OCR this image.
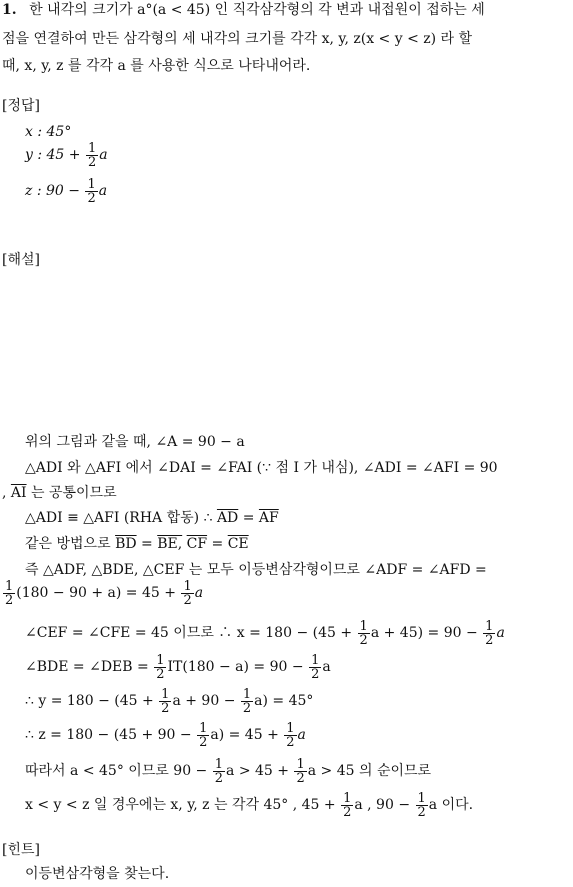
1. 한 내각의 크기가 a°(a < 45) 인 직각삼각형의 각 변과 내접원이 접하는 세
점을 연결하여 만든 삼각형의 세 내각의 크기를 각각 x, y, z(x < y < z) 라 할
때, x, y, z 를 각각 a 를 사용한 식으로 나타내어라.
[정답]
x : 45°
y : $45 + \frac{1}{2}$ a
z : $90 - \frac{1}{2}$ a
[해설]
위의 그림과 같을 때, ∠A = 90 − a
△ADI 와 △AFI 에서 ∠DAI = ∠FAI (∵ 점 I 가 내심), ∠ADI = ∠AFI = 90
, $\overline{AI}$ 는 공통이므로
△ADI ≡ △AFI (RHA 합동) ∴ $\overline{AD} = \overline{AF}$
같은 방법으로 $\overline{BD}$ = BE, $\overline{CF} = \overline{CE}$
즉 △ADF, △BDE, △CEF 는 모두 이등변삼각형이므로 ∠ADF = ∠AFD =
$\frac{1}{2} (180 - 90 + a) = 45 + \frac{1}{2}$ a
∠CEF = ∠CFE = 45 이므로 ∴ $x = 180 - (45 + \frac{1}{2}$ $a + 45) = 90 - \frac{1}{2}$ a
∠BDE = ∠DEB = $\frac{1}{2} IT(180 - a) = 90 - \frac{1}{2}$ a
∴ $y = 180 - (45 + \frac{1}{2}$ $a + 90 - \frac{1}{2} a) = 45^\circ$
∴ $z = 180 - (45 + 90 - \frac{1}{2} a) = 45 + \frac{1}{2}$ a
따라서 a < 45° 이므로 $90 - \frac{1}{2}$ $a > 45 + \frac{1}{2}$ a > 45 의 순이므로
x < y < z 일 경우에는 x, y, z 는 각각 45° , $45 + \frac{1}{2}$ a , $90 - \frac{1}{2}$ a 이다.
[힌트]
이등변삼각형을 찾는다.
